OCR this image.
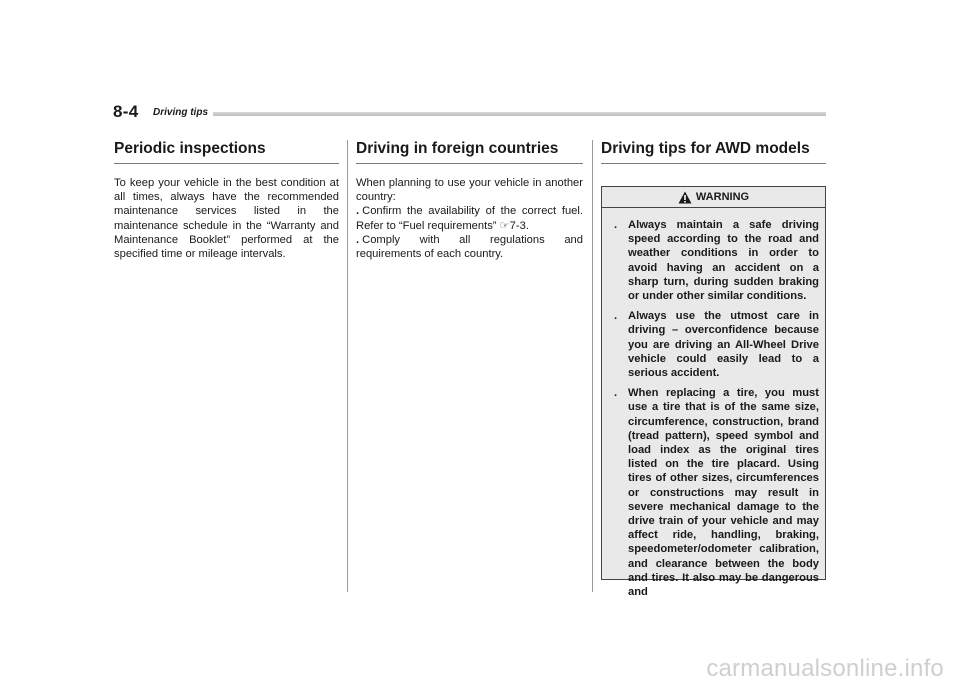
8-4 Driving tips
Periodic inspections

To keep your vehicle in the best condition at all times, always have the recommended maintenance services listed in the maintenance schedule in the “Warranty and Maintenance Booklet” performed at the specified time or mileage intervals.

Driving in foreign countries

When planning to use your vehicle in another country:

. Confirm the availability of the correct fuel. Refer to “Fuel requirements” ☞7-3.

. Comply with all regulations and requirements of each country.

Driving tips for AWD models
WARNING
. Always maintain a safe driving speed according to the road and weather conditions in order to avoid having an accident on a sharp turn, during sudden braking or under other similar conditions.
. Always use the utmost care in driving – overconfidence because you are driving an All-Wheel Drive vehicle could easily lead to a serious accident.
. When replacing a tire, you must use a tire that is of the same size, circumference, construction, brand (tread pattern), speed symbol and load index as the original tires listed on the tire placard. Using tires of other sizes, circumferences or constructions may result in severe mechanical damage to the drive train of your vehicle and may affect ride, handling, braking, speedometer/odometer calibration, and clearance between the body and tires. It also may be dangerous and
carmanualsonline.info
